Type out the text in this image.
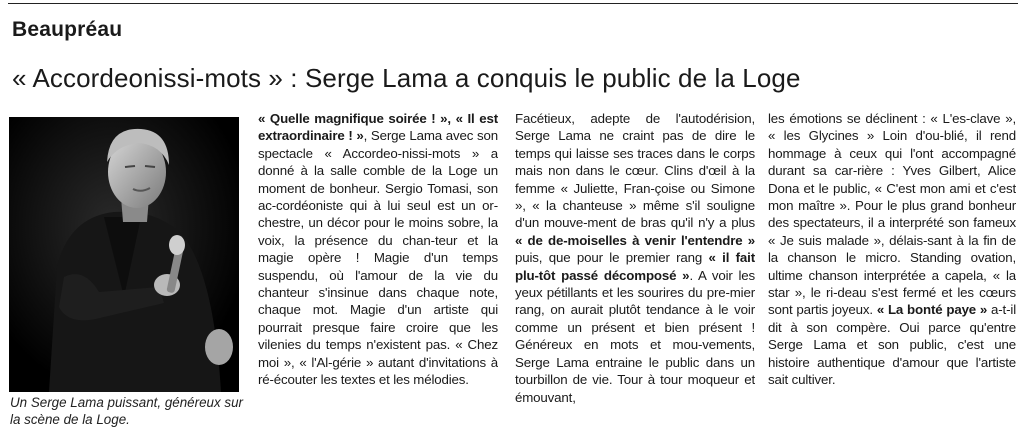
Beaupréau
« Accordeonissi-mots » : Serge Lama a conquis le public de la Loge
Un Serge Lama puissant, généreux sur la scène de la Loge.

« Quelle magnifique soirée ! », « Il est extraordinaire ! », Serge Lama avec son spectacle « Accordeo-nissi-mots » a donné à la salle comble de la Loge un moment de bonheur. Sergio Tomasi, son ac-cordéoniste qui à lui seul est un or-chestre, un décor pour le moins sobre, la voix, la présence du chan-teur et la magie opère ! Magie d'un temps suspendu, où l'amour de la vie du chanteur s'insinue dans chaque note, chaque mot. Magie d'un artiste qui pourrait presque faire croire que les vilenies du temps n'existent pas. « Chez moi », « l'Al-gérie » autant d'invitations à ré-écouter les textes et les mélodies.

Facétieux, adepte de l'autodérision, Serge Lama ne craint pas de dire le temps qui laisse ses traces dans le corps mais non dans le cœur. Clins d'œil à la femme « Juliette, Fran-çoise ou Simone », « la chanteuse » même s'il souligne d'un mouve-ment de bras qu'il n'y a plus « de de-moiselles à venir l'entendre » puis, que pour le premier rang « il fait plu-tôt passé décomposé ». A voir les yeux pétillants et les sourires du pre-mier rang, on aurait plutôt tendance à le voir comme un présent et bien présent ! Généreux en mots et mou-vements, Serge Lama entraine le public dans un tourbillon de vie. Tour à tour moqueur et émouvant,

les émotions se déclinent : « L'es-clave », « les Glycines » Loin d'ou-blié, il rend hommage à ceux qui l'ont accompagné durant sa car-rière : Yves Gilbert, Alice Dona et le public, « C'est mon ami et c'est mon maître ». Pour le plus grand bonheur des spectateurs, il a interprété son fameux « Je suis malade », délais-sant à la fin de la chanson le micro. Standing ovation, ultime chanson interprétée a capela, « la star », le ri-deau s'est fermé et les cœurs sont partis joyeux. « La bonté paye » a-t-il dit à son compère. Oui parce qu'entre Serge Lama et son public, c'est une histoire authentique d'amour que l'artiste sait cultiver.
